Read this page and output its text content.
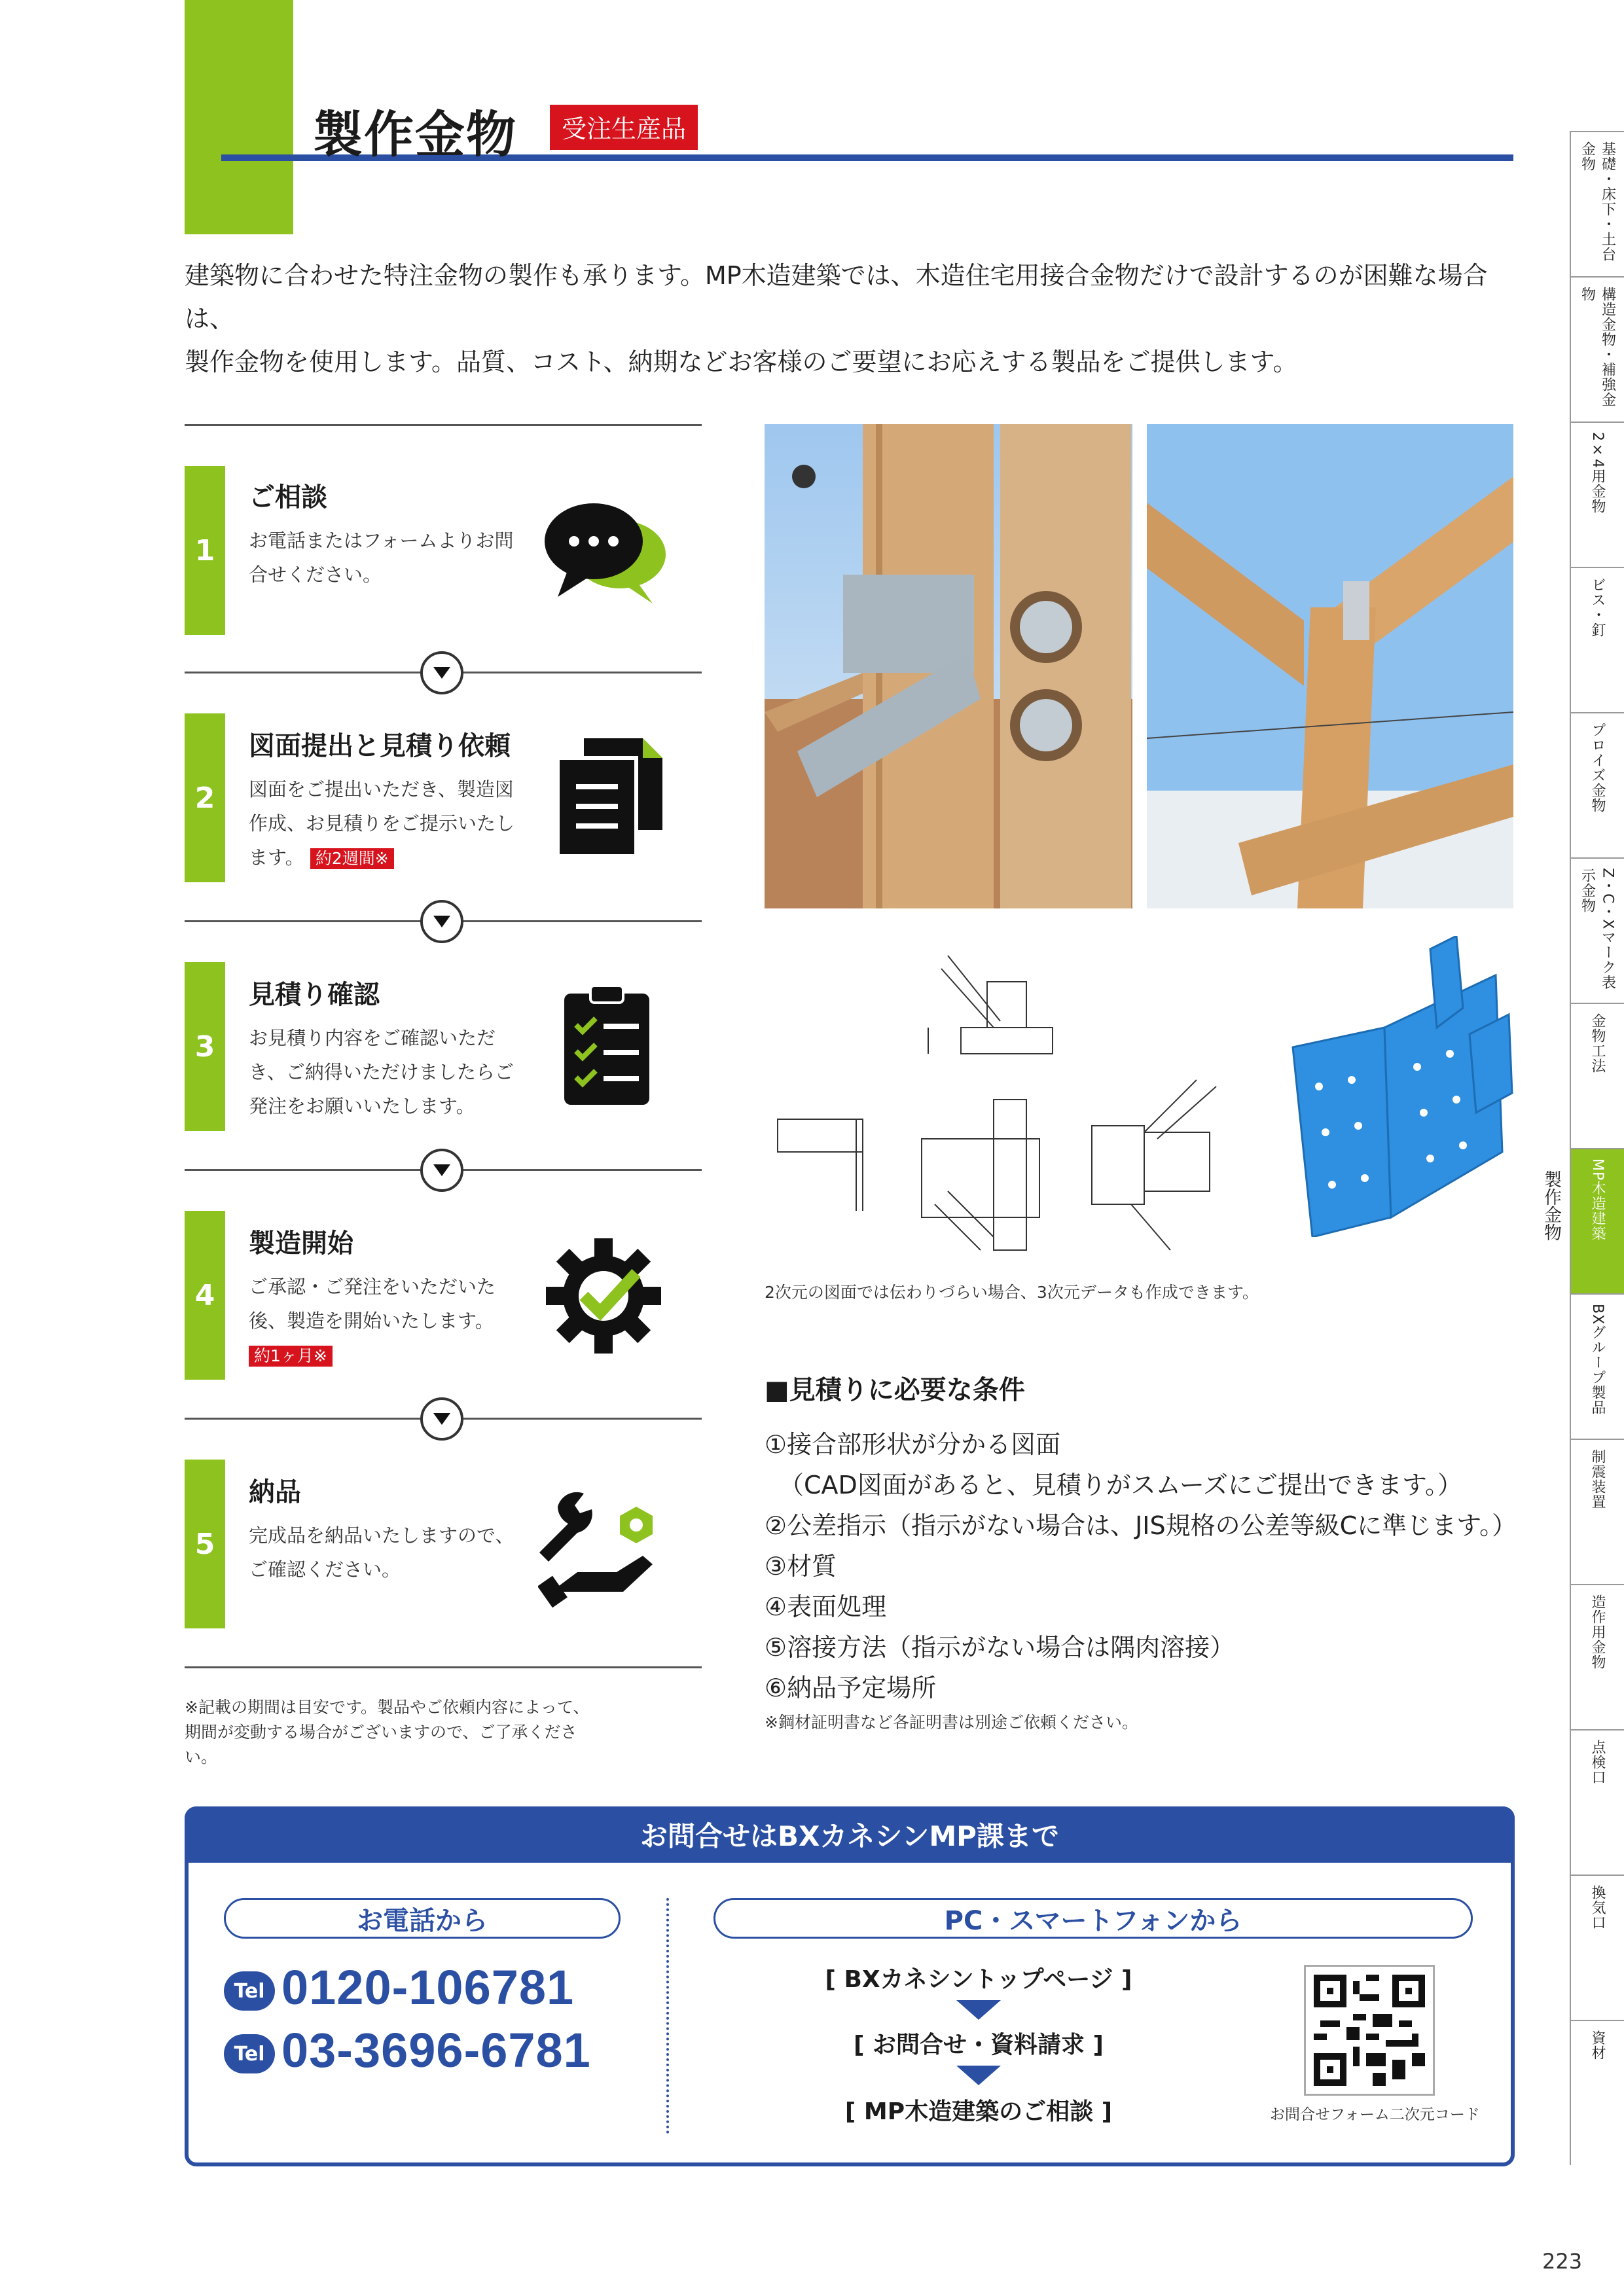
製作金物	受注生産品
建築物に合わせた特注金物の製作も承ります。MP木造建築では、木造住宅用接合金物だけで設計するのが困難な場合は、
製作金物を使用します。品質、コスト、納期などお客様のご要望にお応えする製品をご提供します。
1
ご相談
お電話またはフォームよりお問合せください。
2
図面提出と見積り依頼
図面をご提出いただき、製造図作成、お見積りをご提示いたします。 約2週間※
3
見積り確認
お見積り内容をご確認いただき、ご納得いただけましたらご発注をお願いいたします。
4
製造開始
ご承認・ご発注をいただいた後、製造を開始いたします。
約1ヶ月※
5
納品
完成品を納品いたしますので、ご確認ください。
※記載の期間は目安です。製品やご依頼内容によって、期間が変動する場合がございますので、ご了承ください。
2次元の図面では伝わりづらい場合、3次元データも作成できます。
■見積りに必要な条件
①接合部形状が分かる図面
（CAD図面があると、見積りがスムーズにご提出できます。）
②公差指示（指示がない場合は、JIS規格の公差等級Cに準じます。）
③材質
④表面処理
⑤溶接方法（指示がない場合は隅肉溶接）
⑥納品予定場所
※鋼材証明書など各証明書は別途ご依頼ください。
お問合せはBXカネシンMP課まで
お電話から	PC・スマートフォンから
Tel 0120-106781
Tel 03-3696-6781
[ BXカネシントップページ ]
[ お問合せ・資料請求 ]
[ MP木造建築のご相談 ]	お問合せフォーム二次元コード
基礎・床下・土台金物
構造金物・補強金物
2×4用金物
ビス・釘
プロイズ金物
Z・C・Xマーク表示金物
金物工法
MP木造建築
BXグループ製品
制震装置
造作用金物
点検口
換気口
資材
製作金物
223
